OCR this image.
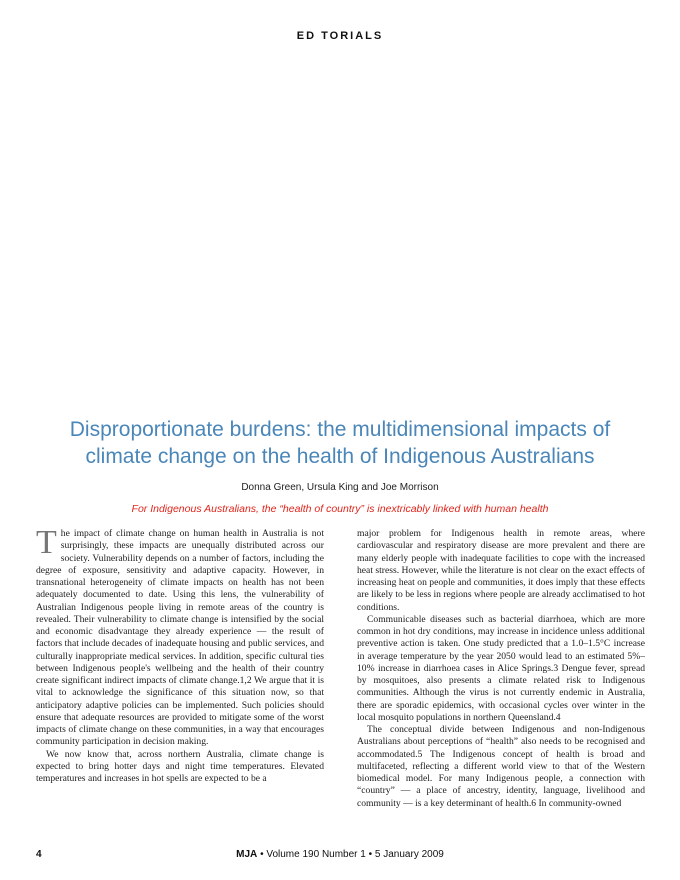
ED TORIALS
Disproportionate burdens: the multidimensional impacts of climate change on the health of Indigenous Australians
Donna Green, Ursula King and Joe Morrison
For Indigenous Australians, the “health of country” is inextricably linked with human health

The impact of climate change on human health in Australia is not surprisingly, these impacts are unequally distributed across our society. Vulnerability depends on a number of factors, including the degree of exposure, sensitivity and adaptive capacity. However, in transnational heterogeneity of climate impacts on health has not been adequately documented to date. Using this lens, the vulnerability of Australian Indigenous people living in remote areas of the country is revealed. Their vulnerability to climate change is intensified by the social and economic disadvantage they already experience — the result of factors that include decades of inadequate housing and public services, and culturally inappropriate medical services. In addition, specific cultural ties between Indigenous people's wellbeing and the health of their country create significant indirect impacts of climate change.1,2 We argue that it is vital to acknowledge the significance of this situation now, so that anticipatory adaptive policies can be implemented. Such policies should ensure that adequate resources are provided to mitigate some of the worst impacts of climate change on these communities, in a way that encourages community participation in decision making.

We now know that, across northern Australia, climate change is expected to bring hotter days and night time temperatures. Elevated temperatures and increases in hot spells are expected to be a

major problem for Indigenous health in remote areas, where cardiovascular and respiratory disease are more prevalent and there are many elderly people with inadequate facilities to cope with the increased heat stress. However, while the literature is not clear on the exact effects of increasing heat on people and communities, it does imply that these effects are likely to be less in regions where people are already acclimatised to hot conditions.

Communicable diseases such as bacterial diarrhoea, which are more common in hot dry conditions, may increase in incidence unless additional preventive action is taken. One study predicted that a 1.0–1.5°C increase in average temperature by the year 2050 would lead to an estimated 5%–10% increase in diarrhoea cases in Alice Springs.3 Dengue fever, spread by mosquitoes, also presents a climate related risk to Indigenous communities. Although the virus is not currently endemic in Australia, there are sporadic epidemics, with occasional cycles over winter in the local mosquito populations in northern Queensland.4

The conceptual divide between Indigenous and non-Indigenous Australians about perceptions of “health” also needs to be recognised and accommodated.5 The Indigenous concept of health is broad and multifaceted, reflecting a different world view to that of the Western biomedical model. For many Indigenous people, a connection with “country” — a place of ancestry, identity, language, livelihood and community — is a key determinant of health.6 In community-owned

4	MJA • Volume 190 Number 1 • 5 January 2009
